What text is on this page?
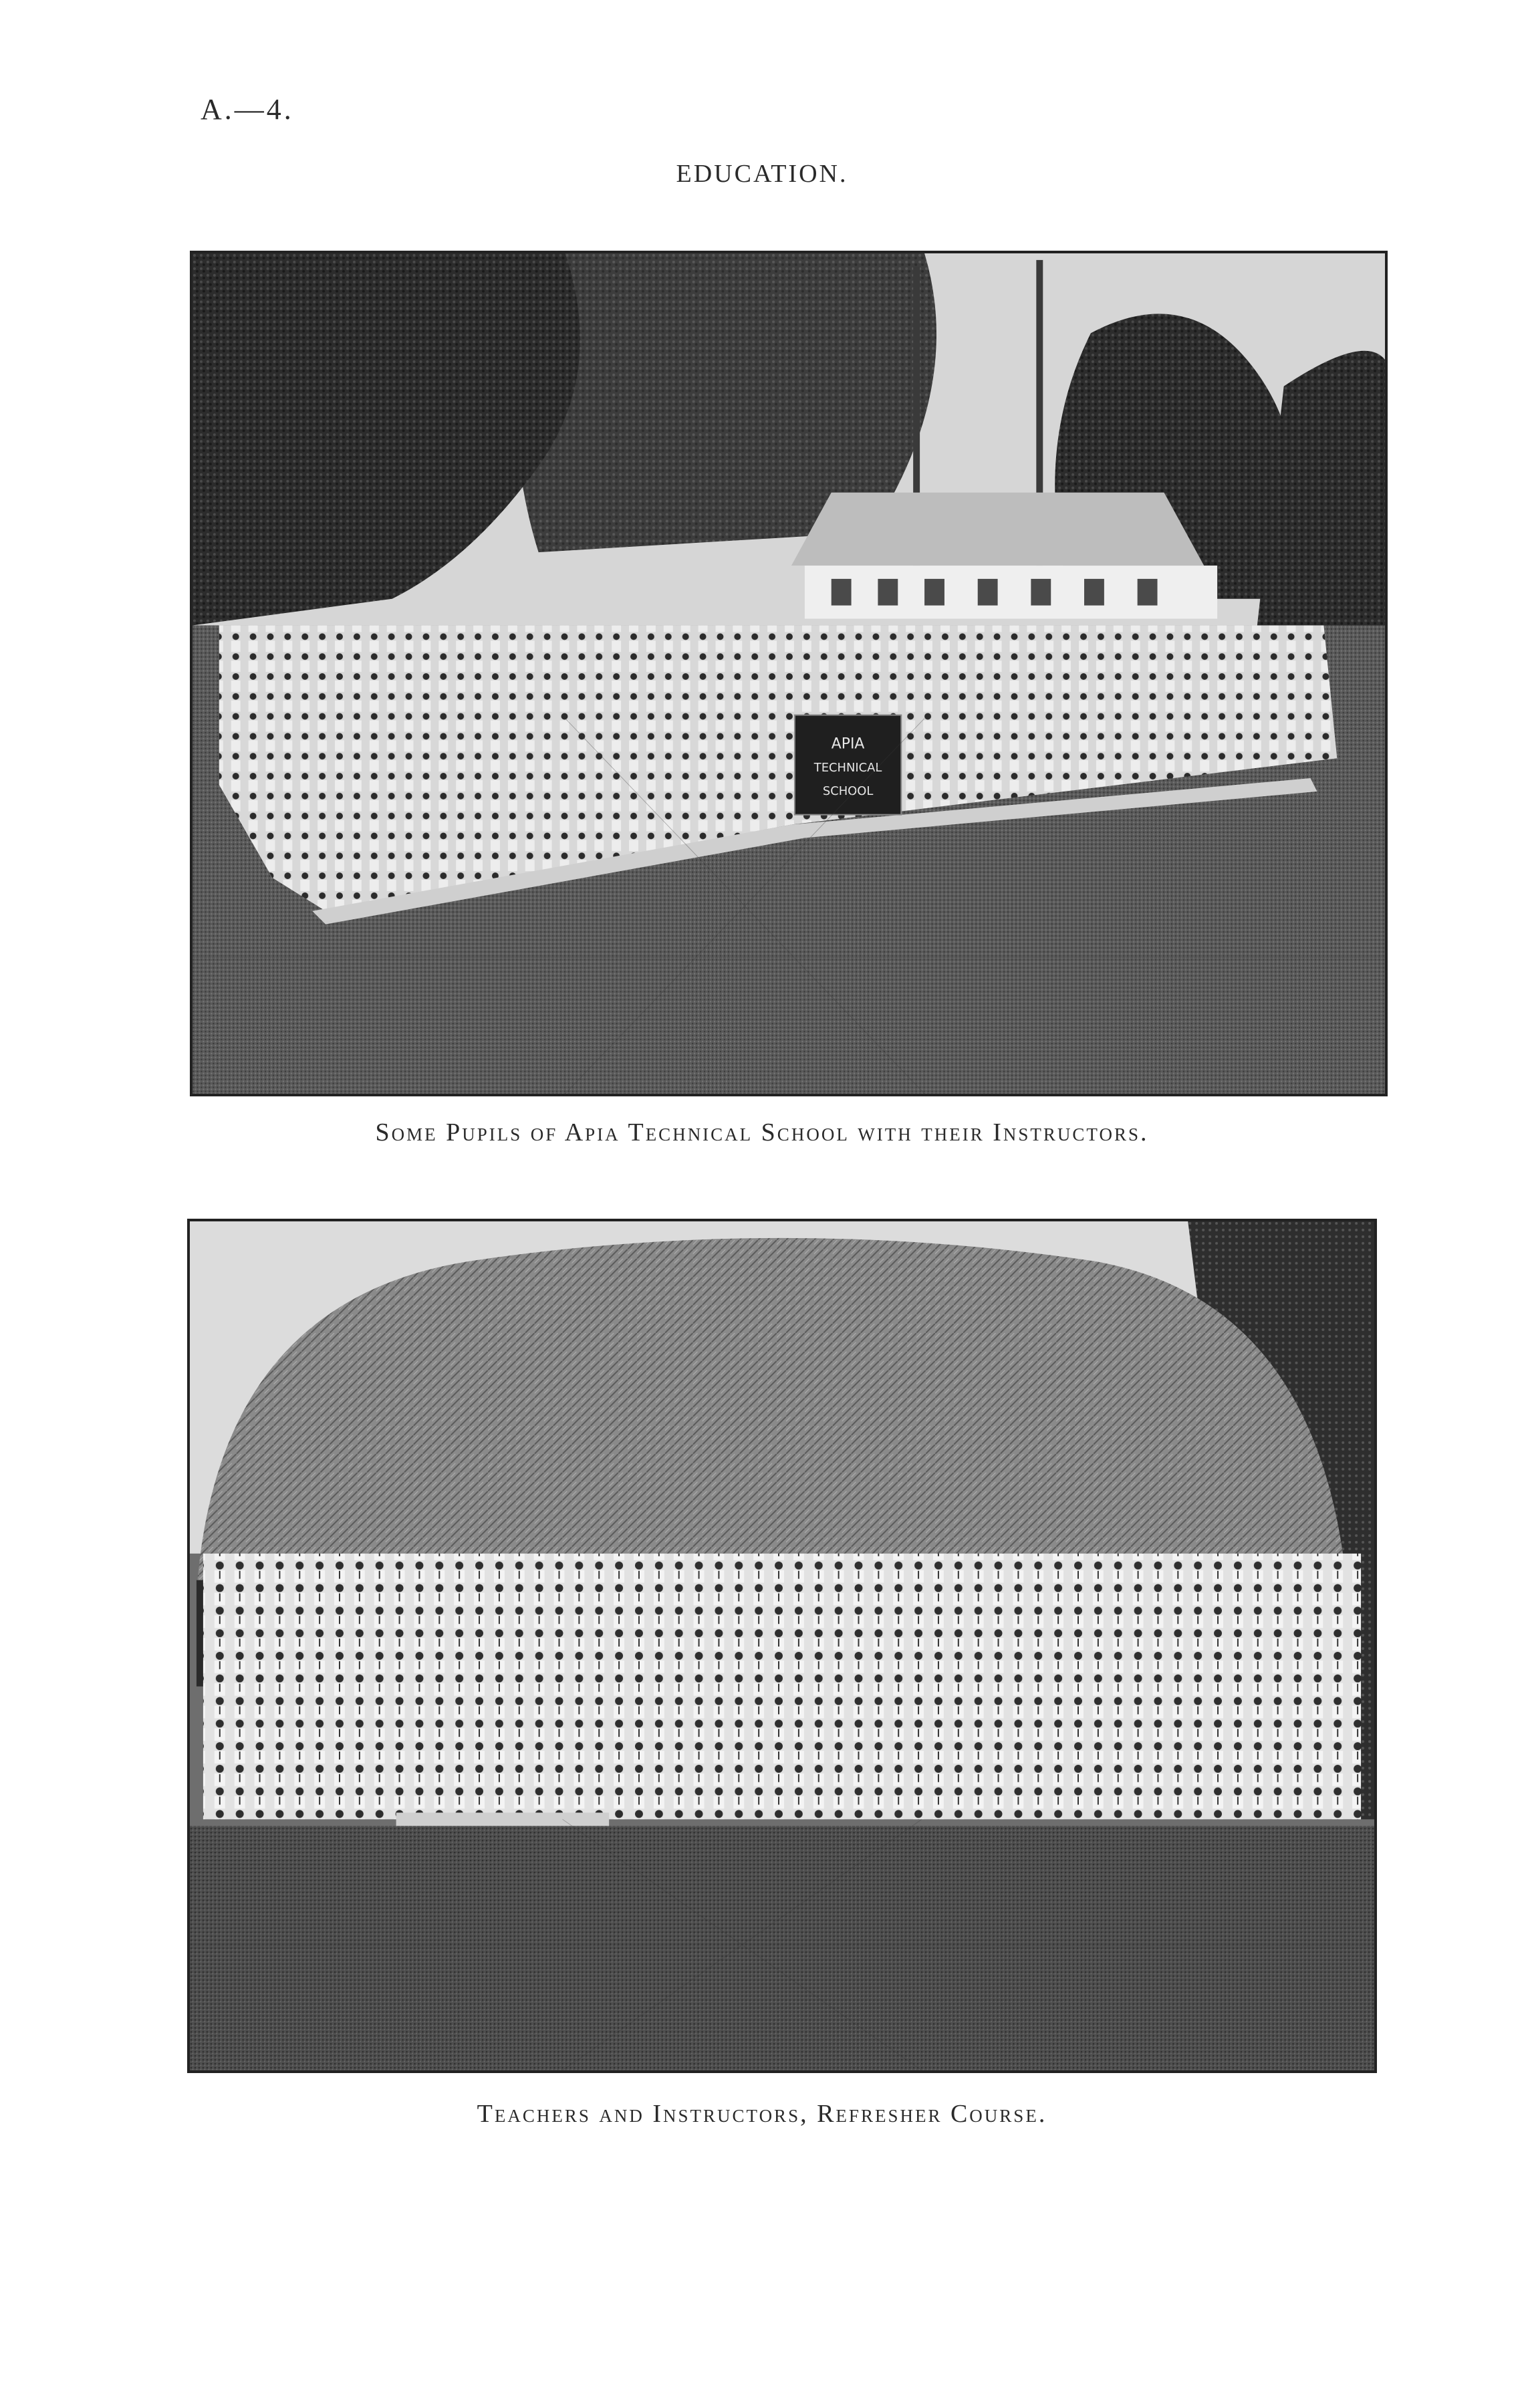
A.—4.
EDUCATION.
APIA
TECHNICAL
SCHOOL
Some Pupils of Apia Technical School with their Instructors.
Teachers and Instructors, Refresher Course.
